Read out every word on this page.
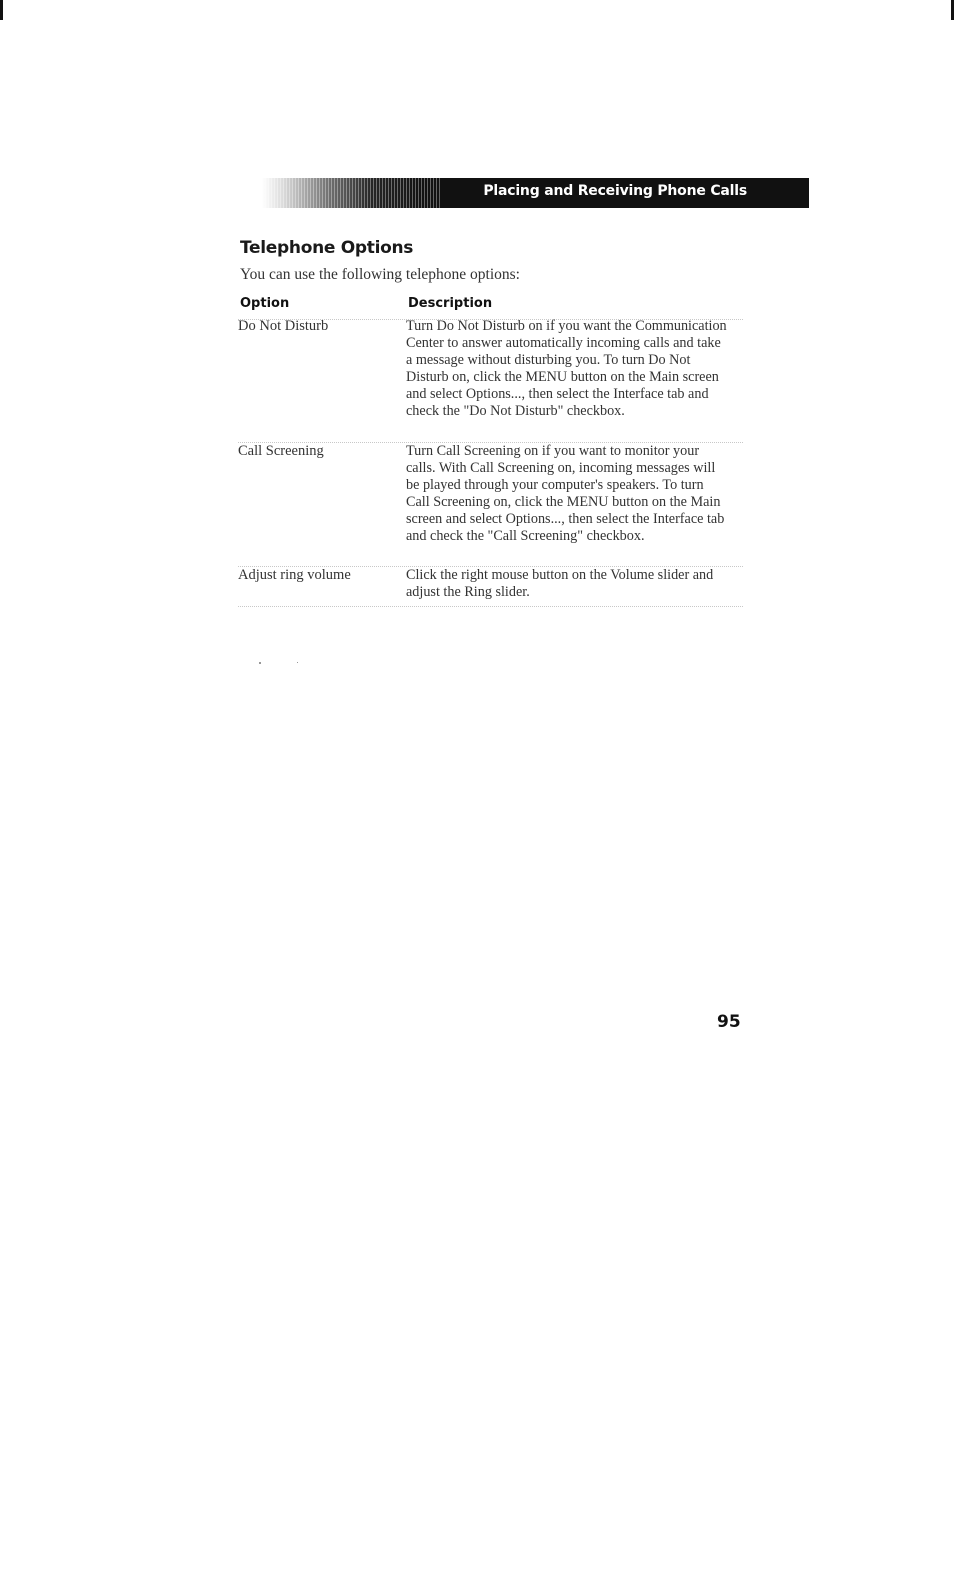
Placing and Receiving Phone Calls
Telephone Options
You can use the following telephone options:
Option	Description
Do Not Disturb	Turn Do Not Disturb on if you want the Communication Center to answer automatically incoming calls and take a message without disturbing you. To turn Do Not Disturb on, click the MENU button on the Main screen and select Options..., then select the Interface tab and check the "Do Not Disturb" checkbox.
Call Screening	Turn Call Screening on if you want to monitor your calls. With Call Screening on, incoming messages will be played through your computer's speakers. To turn Call Screening on, click the MENU button on the Main screen and select Options..., then select the Interface tab and check the "Call Screening" checkbox.
Adjust ring volume	Click the right mouse button on the Volume slider and adjust the Ring slider.
95
